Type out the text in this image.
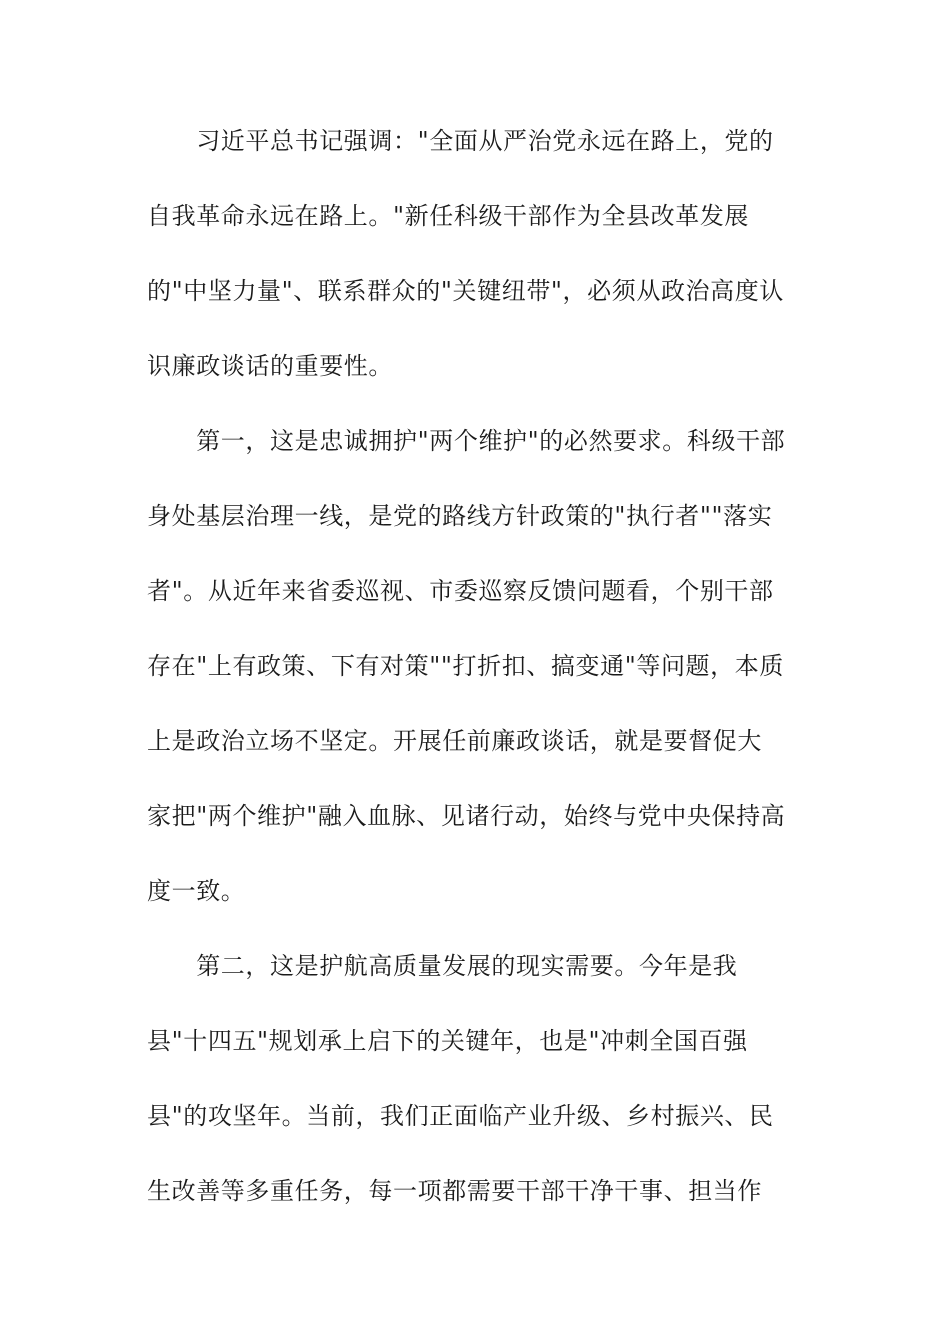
　　习近平总书记强调："全面从严治党永远在路上，党的
自我革命永远在路上。"新任科级干部作为全县改革发展
的"中坚力量"、联系群众的"关键纽带"，必须从政治高度认
识廉政谈话的重要性。
　　第一，这是忠诚拥护"两个维护"的必然要求。科级干部
身处基层治理一线，是党的路线方针政策的"执行者""落实
者"。从近年来省委巡视、市委巡察反馈问题看，个别干部
存在"上有政策、下有对策""打折扣、搞变通"等问题，本质
上是政治立场不坚定。开展任前廉政谈话，就是要督促大
家把"两个维护"融入血脉、见诸行动，始终与党中央保持高
度一致。
　　第二，这是护航高质量发展的现实需要。今年是我
县"十四五"规划承上启下的关键年，也是"冲刺全国百强
县"的攻坚年。当前，我们正面临产业升级、乡村振兴、民
生改善等多重任务，每一项都需要干部干净干事、担当作
